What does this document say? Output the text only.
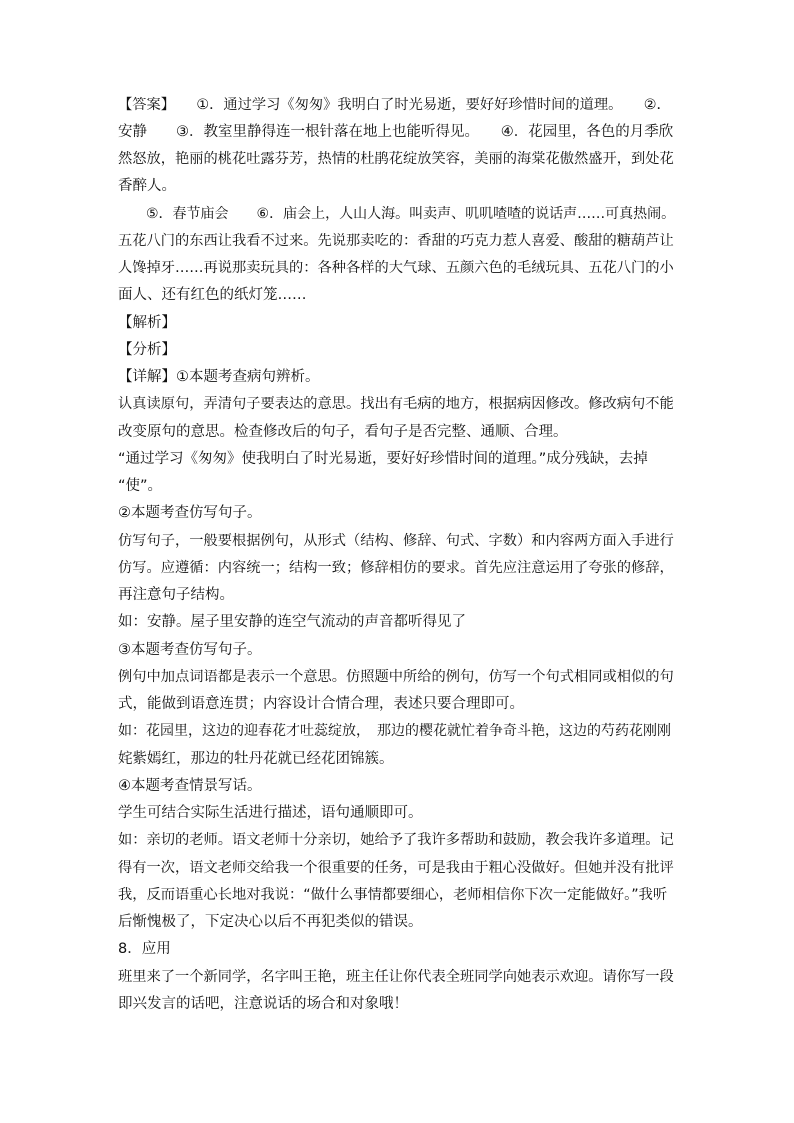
【答案】　　①．通过学习《匆匆》我明白了时光易逝，要好好珍惜时间的道理。　　②．
安静　　③．教室里静得连一根针落在地上也能听得见。　　④．花园里，各色的月季欣
然怒放，艳丽的桃花吐露芬芳，热情的杜鹃花绽放笑容，美丽的海棠花傲然盛开，到处花
香醉人。
　　⑤．春节庙会　　⑥．庙会上，人山人海。叫卖声、叽叽喳喳的说话声……可真热闹。
五花八门的东西让我看不过来。先说那卖吃的：香甜的巧克力惹人喜爱、酸甜的糖葫芦让
人馋掉牙……再说那卖玩具的：各种各样的大气球、五颜六色的毛绒玩具、五花八门的小
面人、还有红色的纸灯笼……
【解析】
【分析】
【详解】①本题考查病句辨析。
认真读原句，弄清句子要表达的意思。找出有毛病的地方，根据病因修改。修改病句不能
改变原句的意思。检查修改后的句子，看句子是否完整、通顺、合理。
“通过学习《匆匆》使我明白了时光易逝，要好好珍惜时间的道理。”成分残缺，去掉
“使”。
②本题考查仿写句子。
仿写句子，一般要根据例句，从形式（结构、修辞、句式、字数）和内容两方面入手进行
仿写。应遵循：内容统一；结构一致；修辞相仿的要求。首先应注意运用了夸张的修辞，
再注意句子结构。
如：安静。屋子里安静的连空气流动的声音都听得见了
③本题考查仿写句子。
例句中加点词语都是表示一个意思。仿照题中所给的例句，仿写一个句式相同或相似的句
式，能做到语意连贯；内容设计合情合理，表述只要合理即可。
如：花园里，这边的迎春花才吐蕊绽放，　那边的樱花就忙着争奇斗艳，这边的芍药花刚刚
姹紫嫣红，那边的牡丹花就已经花团锦簇。
④本题考查情景写话。
学生可结合实际生活进行描述，语句通顺即可。
如：亲切的老师。语文老师十分亲切，她给予了我许多帮助和鼓励，教会我许多道理。记
得有一次，语文老师交给我一个很重要的任务，可是我由于粗心没做好。但她并没有批评
我，反而语重心长地对我说：“做什么事情都要细心，老师相信你下次一定能做好。”我听
后惭愧极了，下定决心以后不再犯类似的错误。
8．应用
班里来了一个新同学，名字叫王艳，班主任让你代表全班同学向她表示欢迎。请你写一段
即兴发言的话吧，注意说话的场合和对象哦！
